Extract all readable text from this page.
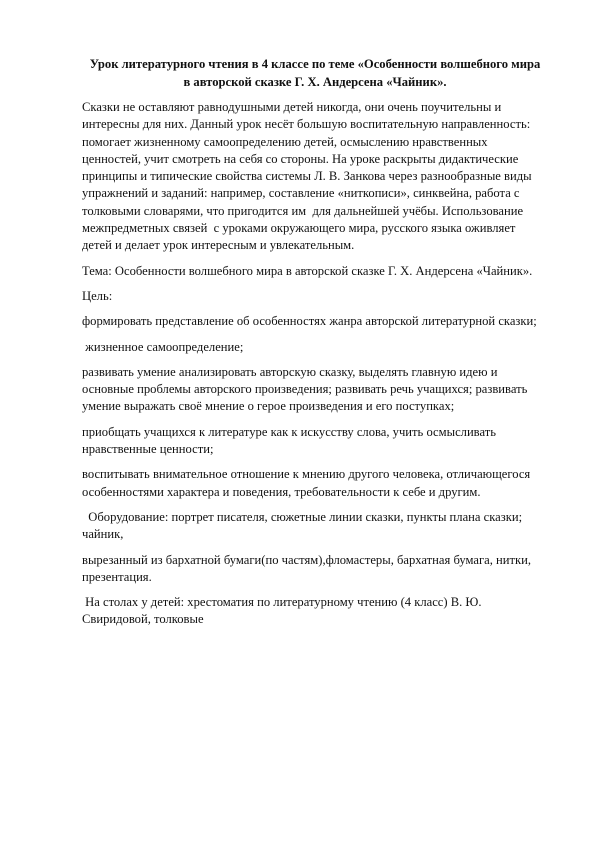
Урок литературного чтения в 4 классе по теме «Особенности волшебного мира в авторской сказке Г. Х. Андерсена «Чайник».
Сказки не оставляют равнодушными детей никогда, они очень поучительны и интересны для них. Данный урок несёт большую воспитательную направленность: помогает жизненному самоопределению детей, осмыслению нравственных ценностей, учит смотреть на себя со стороны. На уроке раскрыты дидактические принципы и типические свойства системы Л. В. Занкова через разнообразные виды упражнений и заданий: например, составление «ниткописи», синквейна, работа с толковыми словарями, что пригодится им  для дальнейшей учёбы. Использование  межпредметных связей  с уроками окружающего мира, русского языка оживляет  детей и делает урок интересным и увлекательным.
Тема: Особенности волшебного мира в авторской сказке Г. Х. Андерсена «Чайник».
Цель:
формировать представление об особенностях жанра авторской литературной сказки;
жизненное самоопределение;
развивать умение анализировать авторскую сказку, выделять главную идею и основные проблемы авторского произведения; развивать речь учащихся; развивать умение выражать своё мнение о герое произведения и его поступках;
приобщать учащихся к литературе как к искусству слова, учить осмысливать нравственные ценности;
воспитывать внимательное отношение к мнению другого человека, отличающегося особенностями характера и поведения, требовательности к себе и другим.
Оборудование: портрет писателя, сюжетные линии сказки, пункты плана сказки; чайник,
вырезанный из бархатной бумаги(по частям),фломастеры, бархатная бумага, нитки, презентация.
На столах у детей: хрестоматия по литературному чтению (4 класс) В. Ю. Свиридовой, толковые
